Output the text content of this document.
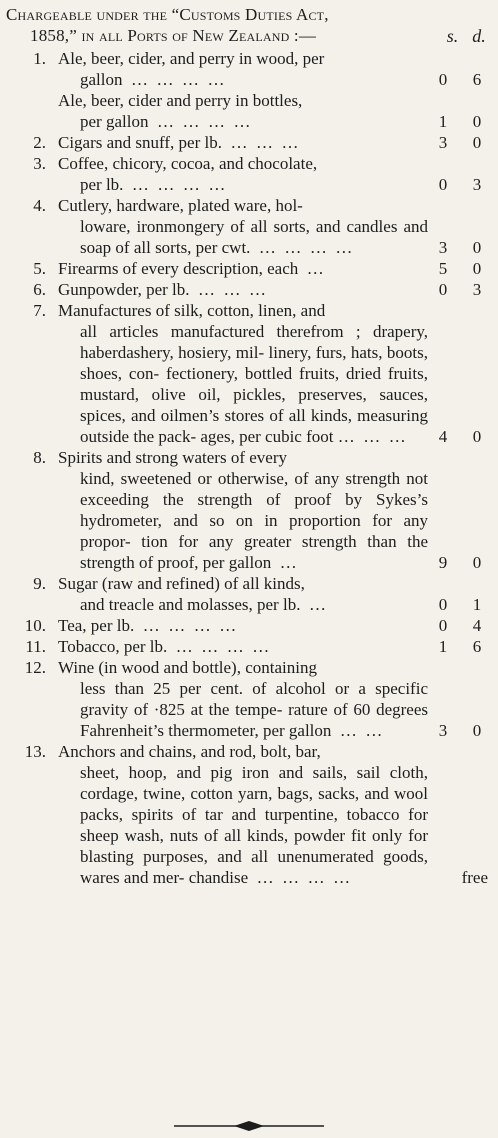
Chargeable under the “Customs Duties Act,
1858,” in all Ports of New Zealand :—	s. d.
1. Ale, beer, cider, and perry in wood, per
gallon  …  …  …  …	0	6
Ale, beer, cider and perry in bottles,
per gallon  …  …  …  …	1	0
2. Cigars and snuff, per lb.  …  …  …	3	0
3. Coffee, chicory, cocoa, and chocolate,
per lb.  …  …  …  …	0	3
4. Cutlery, hardware, plated ware, hol-
loware, ironmongery of all sorts, and candles and soap of all sorts, per cwt.  …  …  …  …	3	0
5. Firearms of every description, each  …	5	0
6. Gunpowder, per lb.  …  …  …	0	3
7. Manufactures of silk, cotton, linen, and
all articles manufactured therefrom ; drapery, haberdashery, hosiery, mil- linery, furs, hats, boots, shoes, con- fectionery, bottled fruits, dried fruits, mustard, olive oil, pickles, preserves, sauces, spices, and oilmen’s stores of all kinds, measuring outside the pack- ages, per cubic foot …  …  …	4	0
8. Spirits and strong waters of every
kind, sweetened or otherwise, of any strength not exceeding the strength of proof by Sykes’s hydrometer, and so on in proportion for any propor- tion for any greater strength than the strength of proof, per gallon  …	9	0
9. Sugar (raw and refined) of all kinds,
and treacle and molasses, per lb.  …	0	1
10. Tea, per lb.  …  …  …  …	0	4
11. Tobacco, per lb.  …  …  …  …	1	6
12. Wine (in wood and bottle), containing
less than 25 per cent. of alcohol or a specific gravity of ·825 at the tempe- rature of 60 degrees Fahrenheit’s thermometer, per gallon  …  …	3	0
13. Anchors and chains, and rod, bolt, bar,
sheet, hoop, and pig iron and sails, sail cloth, cordage, twine, cotton yarn, bags, sacks, and wool packs, spirits of tar and turpentine, tobacco for sheep wash, nuts of all kinds, powder fit only for blasting purposes, and all unenumerated goods, wares and mer- chandise  …  …  …  …	free
